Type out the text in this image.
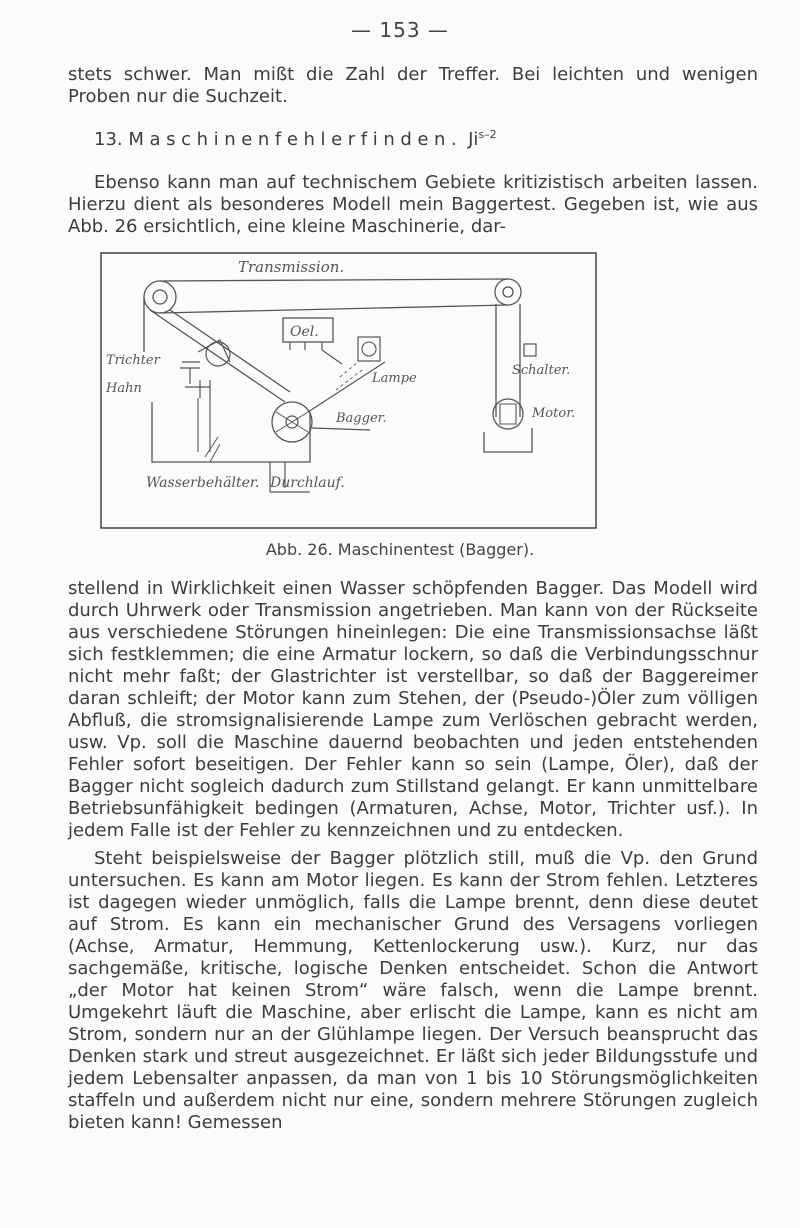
— 153 —

stets schwer. Man mißt die Zahl der Treffer. Bei leichten und wenigen Proben nur die Suchzeit.

13. Maschinenfehlerfinden. Ji$^{s-2}$

Ebenso kann man auf technischem Gebiete kritizistisch arbeiten lassen. Hierzu dient als besonderes Modell mein Baggertest. Gegeben ist, wie aus Abb. 26 ersichtlich, eine kleine Maschinerie, dar-

Transmission.
Oel.
Trichter
Hahn
Lampe
Bagger.
Schalter.
Motor.
Wasserbehälter. Durchlauf.
Abb. 26. Maschinentest (Bagger).

stellend in Wirklichkeit einen Wasser schöpfenden Bagger. Das Modell wird durch Uhrwerk oder Transmission angetrieben. Man kann von der Rückseite aus verschiedene Störungen hineinlegen: Die eine Transmissionsachse läßt sich festklemmen; die eine Armatur lockern, so daß die Verbindungsschnur nicht mehr faßt; der Glastrichter ist verstellbar, so daß der Baggereimer daran schleift; der Motor kann zum Stehen, der (Pseudo-)Öler zum völligen Abfluß, die stromsignalisierende Lampe zum Verlöschen gebracht werden, usw. Vp. soll die Maschine dauernd beobachten und jeden entstehenden Fehler sofort beseitigen. Der Fehler kann so sein (Lampe, Öler), daß der Bagger nicht sogleich dadurch zum Stillstand gelangt. Er kann unmittelbare Betriebsunfähigkeit bedingen (Armaturen, Achse, Motor, Trichter usf.). In jedem Falle ist der Fehler zu kennzeichnen und zu entdecken.

Steht beispielsweise der Bagger plötzlich still, muß die Vp. den Grund untersuchen. Es kann am Motor liegen. Es kann der Strom fehlen. Letzteres ist dagegen wieder unmöglich, falls die Lampe brennt, denn diese deutet auf Strom. Es kann ein mechanischer Grund des Versagens vorliegen (Achse, Armatur, Hemmung, Kettenlockerung usw.). Kurz, nur das sachgemäße, kritische, logische Denken entscheidet. Schon die Antwort „der Motor hat keinen Strom“ wäre falsch, wenn die Lampe brennt. Umgekehrt läuft die Maschine, aber erlischt die Lampe, kann es nicht am Strom, sondern nur an der Glühlampe liegen. Der Versuch beansprucht das Denken stark und streut ausgezeichnet. Er läßt sich jeder Bildungsstufe und jedem Lebensalter anpassen, da man von 1 bis 10 Störungsmöglichkeiten staffeln und außerdem nicht nur eine, sondern mehrere Störungen zugleich bieten kann! Gemessen
